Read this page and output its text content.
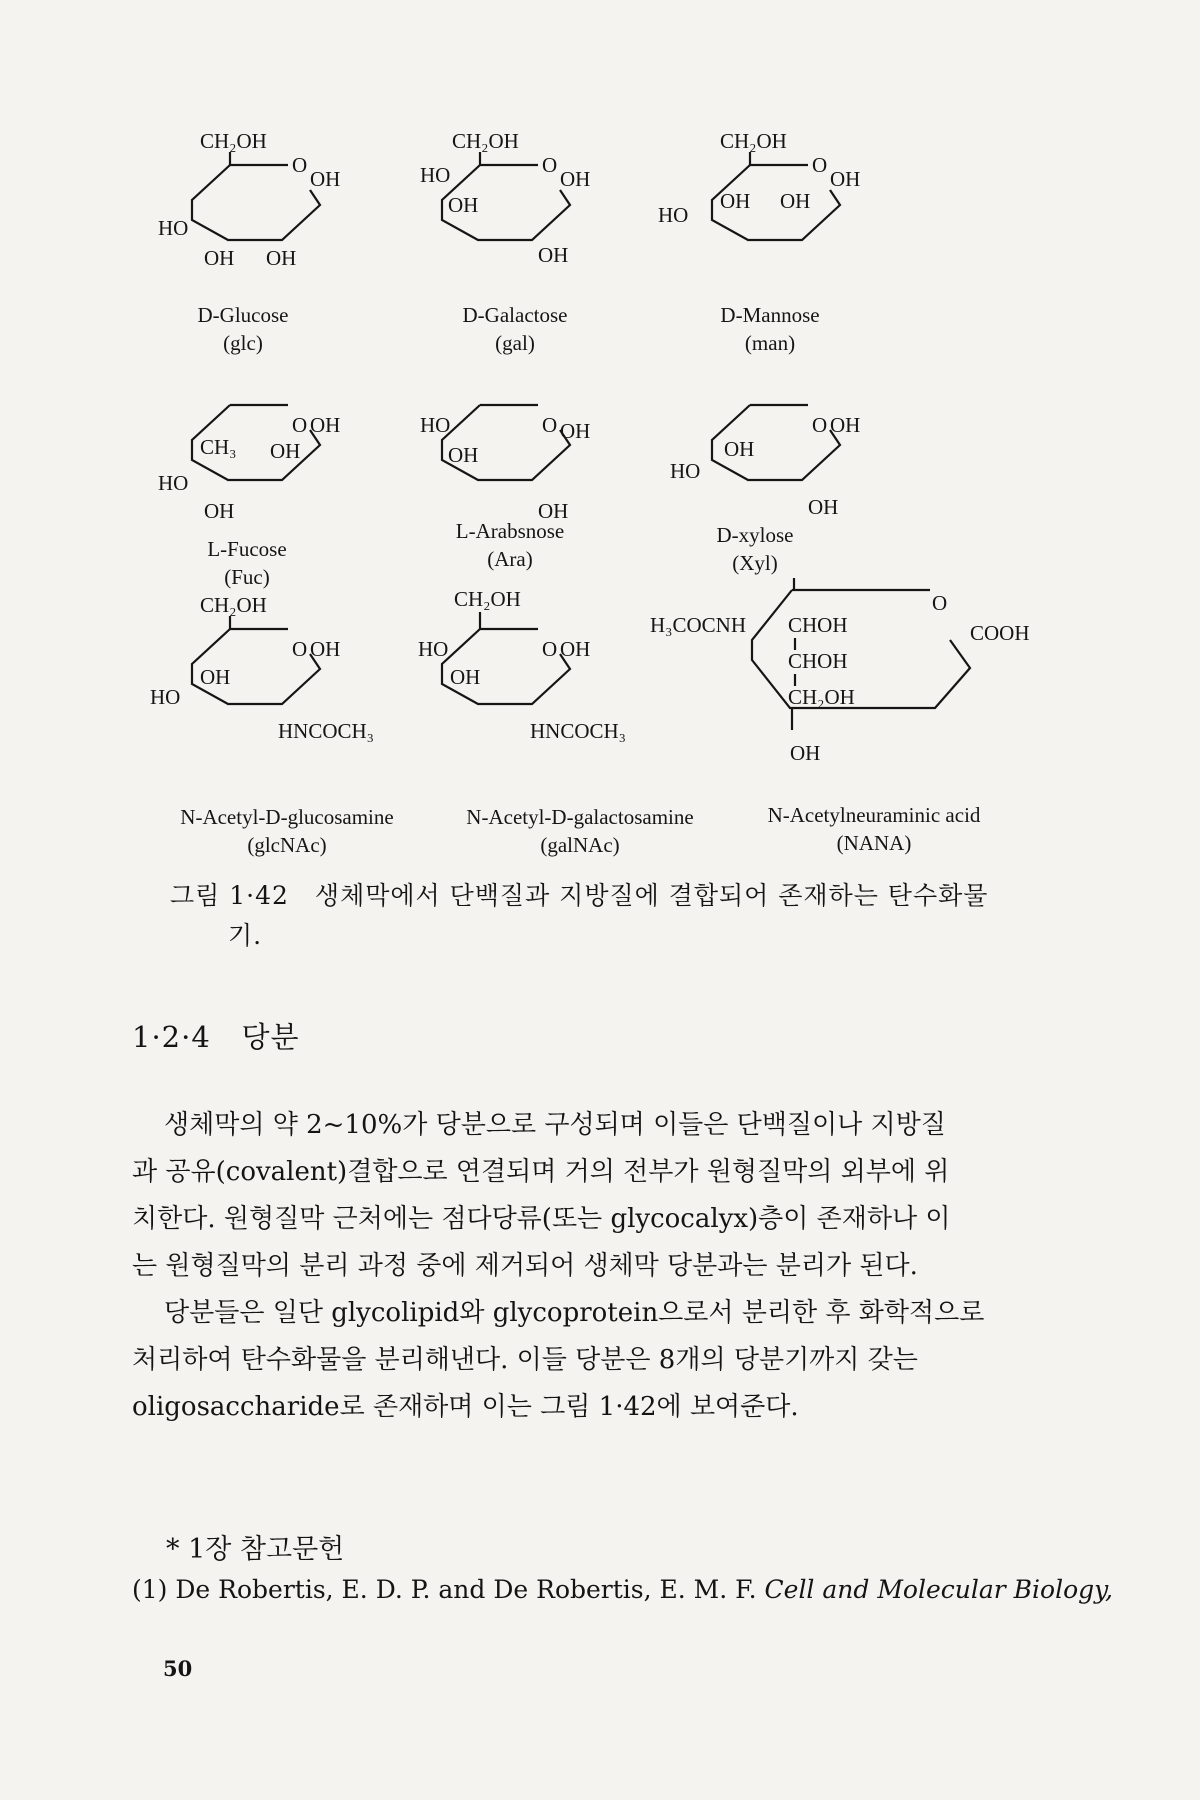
CH₂OH
O
OH
HO
OH OH
CH₂OH
HO	O
OH
OH
OH
CH₂OH
O
OH
HO
OH OH
D-Glucose
(glc)
D-Galactose
(gal)
D-Mannose
(man)
O OH
CH₃ OH
HO
OH
HO	O OH
OH
OH
O OH
OH
HO
OH
L-Fucose
(Fuc)
L-Arabsnose
(Ara)
D-xylose
(Xyl)
CH₂OH
O OH
OH
HO
HNCOCH₃
CH₂OH
HO	O OH
OH
HNCOCH₃
O
COOH
H₃COCNH CHOH
CHOH
CH₂OH
OH
N-Acetyl-D-glucosamine
(glcNAc)
N-Acetyl-D-galactosamine
(galNAc)
N-Acetylneuraminic acid
(NANA)
그림 1·42 생체막에서 단백질과 지방질에 결합되어 존재하는 탄수화물
기.
1·2·4 당분
생체막의 약 2~10%가 당분으로 구성되며 이들은 단백질이나 지방질
과 공유(covalent)결합으로 연결되며 거의 전부가 원형질막의 외부에 위
치한다. 원형질막 근처에는 점다당류(또는 glycocalyx)층이 존재하나 이
는 원형질막의 분리 과정 중에 제거되어 생체막 당분과는 분리가 된다.
당분들은 일단 glycolipid와 glycoprotein으로서 분리한 후 화학적으로
처리하여 탄수화물을 분리해낸다. 이들 당분은 8개의 당분기까지 갖는
oligosaccharide로 존재하며 이는 그림 1·42에 보여준다.
* 1장 참고문헌
(1) De Robertis, E. D. P. and De Robertis, E. M. F. Cell and Molecular Biology,
50
